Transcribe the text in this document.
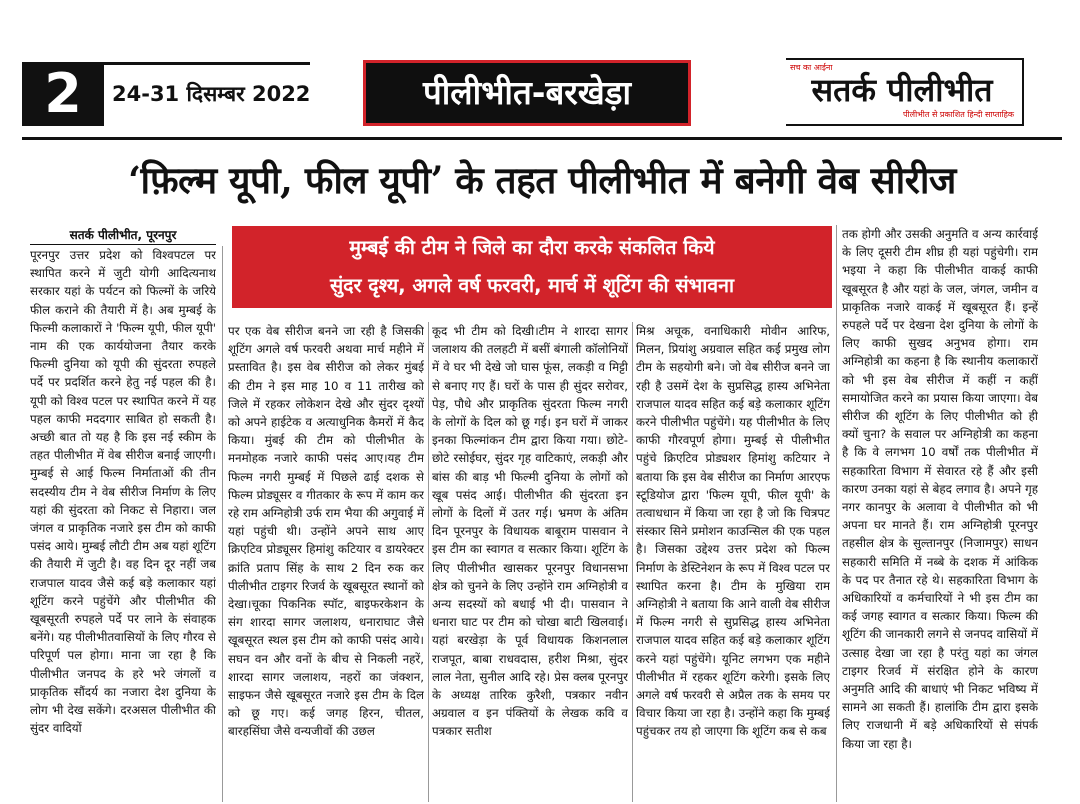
2	24-31 दिसम्बर 2022	पीलीभीत-बरखेड़ा
सच का आईना
सतर्क पीलीभीत
पीलीभीत से प्रकाशित हिन्दी साप्ताहिक
‘फ़िल्म यूपी, फील यूपी’ के तहत पीलीभीत में बनेगी वेब सीरीज
सतर्क पीलीभीत, पूरनपुर
मुम्बई की टीम ने जिले का दौरा करके संकलित किये
सुंदर दृश्य, अगले वर्ष फरवरी, मार्च में शूटिंग की संभावना

पूरनपुर उत्तर प्रदेश को विश्वपटल पर स्थापित करने में जुटी योगी आदित्यनाथ सरकार यहां के पर्यटन को फिल्मों के जरिये फील कराने की तैयारी में है। अब मुम्बई के फिल्मी कलाकारों ने 'फिल्म यूपी, फील यूपी' नाम की एक कार्ययोजना तैयार करके फिल्मी दुनिया को यूपी की सुंदरता रुपहले पर्दे पर प्रदर्शित करने हेतु नई पहल की है। यूपी को विश्व पटल पर स्थापित करने में यह पहल काफी मददगार साबित हो सकती है। अच्छी बात तो यह है कि इस नई स्कीम के तहत पीलीभीत में वेब सीरीज बनाई जाएगी। मुम्बई से आई फिल्म निर्माताओं की तीन सदस्यीय टीम ने वेब सीरीज निर्माण के लिए यहां की सुंदरता को निकट से निहारा। जल जंगल व प्राकृतिक नजारे इस टीम को काफी पसंद आये। मुम्बई लौटी टीम अब यहां शूटिंग की तैयारी में जुटी है। वह दिन दूर नहीं जब राजपाल यादव जैसे कई बड़े कलाकार यहां शूटिंग करने पहुंचेंगे और पीलीभीत की खूबसूरती रुपहले पर्दे पर लाने के संवाहक बनेंगे। यह पीलीभीतवासियों के लिए गौरव से परिपूर्ण पल होगा। माना जा रहा है कि पीलीभीत जनपद के हरे भरे जंगलों व प्राकृतिक सौंदर्य का नजारा देश दुनिया के लोग भी देख सकेंगे। दरअसल पीलीभीत की सुंदर वादियों

पर एक वेब सीरीज बनने जा रही है जिसकी शूटिंग अगले वर्ष फरवरी अथवा मार्च महीने में प्रस्तावित है। इस वेब सीरीज को लेकर मुंबई की टीम ने इस माह 10 व 11 तारीख को जिले में रहकर लोकेशन देखे और सुंदर दृश्यों को अपने हाईटेक व अत्याधुनिक कैमरों में कैद किया। मुंबई की टीम को पीलीभीत के मनमोहक नजारे काफी पसंद आए।यह टीम फिल्म नगरी मुम्बई में पिछले ढाई दशक से फिल्म प्रोड्यूसर व गीतकार के रूप में काम कर रहे राम अग्निहोत्री उर्फ राम भैया की अगुवाई में यहां पहुंची थी। उन्होंने अपने साथ आए क्रिएटिव प्रोड्यूसर हिमांशु कटियार व डायरेक्टर क्रांति प्रताप सिंह के साथ 2 दिन रुक कर पीलीभीत टाइगर रिजर्व के खूबसूरत स्थानों को देखा।चूका पिकनिक स्पॉट, बाइफरकेशन के संग शारदा सागर जलाशय, धनाराघाट जैसे खूबसूरत स्थल इस टीम को काफी पसंद आये। सघन वन और वनों के बीच से निकली नहरें, शारदा सागर जलाशय, नहरों का जंक्शन, साइफन जैसे खूबसूरत नजारे इस टीम के दिल को छू गए। कई जगह हिरन, चीतल, बारहसिंघा जैसे वन्यजीवों की उछल

कूद भी टीम को दिखी।टीम ने शारदा सागर जलाशय की तलहटी में बसीं बंगाली कॉलोनियों में वे घर भी देखे जो घास फूंस, लकड़ी व मिट्टी से बनाए गए हैं। घरों के पास ही सुंदर सरोवर, पेड़, पौधे और प्राकृतिक सुंदरता फिल्म नगरी के लोगों के दिल को छू गई। इन घरों में जाकर इनका फिल्मांकन टीम द्वारा किया गया। छोटे-छोटे रसोईघर, सुंदर गृह वाटिकाएं, लकड़ी और बांस की बाड़ भी फिल्मी दुनिया के लोगों को खूब पसंद आई। पीलीभीत की सुंदरता इन लोगों के दिलों में उतर गई। भ्रमण के अंतिम दिन पूरनपुर के विधायक बाबूराम पासवान ने इस टीम का स्वागत व सत्कार किया। शूटिंग के लिए पीलीभीत खासकर पूरनपुर विधानसभा क्षेत्र को चुनने के लिए उन्होंने राम अग्निहोत्री व अन्य सदस्यों को बधाई भी दी। पासवान ने धनारा घाट पर टीम को चोखा बाटी खिलवाई। यहां बरखेड़ा के पूर्व विधायक किशनलाल राजपूत, बाबा राधवदास, हरीश मिश्रा, सुंदर लाल नेता, सुनील आदि रहे। प्रेस क्लब पूरनपुर के अध्यक्ष तारिक कुरैशी, पत्रकार नवीन अग्रवाल व इन पंक्तियों के लेखक कवि व पत्रकार सतीश

मिश्र अचूक, वनाधिकारी मोवीन आरिफ, मिलन, प्रियांशु अग्रवाल सहित कई प्रमुख लोग टीम के सहयोगी बने। जो वेब सीरीज बनने जा रही है उसमें देश के सुप्रसिद्ध हास्य अभिनेता राजपाल यादव सहित कई बड़े कलाकार शूटिंग करने पीलीभीत पहुंचेंगे। यह पीलीभीत के लिए काफी गौरवपूर्ण होगा। मुम्बई से पीलीभीत पहुंचे क्रिएटिव प्रोड्यशर हिमांशु कटियार ने बताया कि इस वेब सीरीज का निर्माण आरएफ स्टूडियोज द्वारा 'फिल्म यूपी, फील यूपी' के तत्वाधधान में किया जा रहा है जो कि चित्रपट संस्कार सिने प्रमोशन काउन्सिल की एक पहल है। जिसका उद्देश्य उत्तर प्रदेश को फिल्म निर्माण के डेस्टिनेशन के रूप में विश्व पटल पर स्थापित करना है। टीम के मुखिया राम अग्निहोत्री ने बताया कि आने वाली वेब सीरीज में फिल्म नगरी से सुप्रसिद्ध हास्य अभिनेता राजपाल यादव सहित कई बड़े कलाकार शूटिंग करने यहां पहुंचेंगे। यूनिट लगभग एक महीने पीलीभीत में रहकर शूटिंग करेगी। इसके लिए अगले वर्ष फरवरी से अप्रैल तक के समय पर विचार किया जा रहा है। उन्होंने कहा कि मुम्बई पहुंचकर तय हो जाएगा कि शूटिंग कब से कब

तक होगी और उसकी अनुमति व अन्य कार्रवाई के लिए दूसरी टीम शीघ्र ही यहां पहुंचेगी। राम भइया ने कहा कि पीलीभीत वाकई काफी खूबसूरत है और यहां के जल, जंगल, जमीन व प्राकृतिक नजारे वाकई में खूबसूरत हैं। इन्हें रुपहले पर्दे पर देखना देश दुनिया के लोगों के लिए काफी सुखद अनुभव होगा। राम अग्निहोत्री का कहना है कि स्थानीय कलाकारों को भी इस वेब सीरीज में कहीं न कहीं समायोजित करने का प्रयास किया जाएगा। वेब सीरीज की शूटिंग के लिए पीलीभीत को ही क्यों चुना? के सवाल पर अग्निहोत्री का कहना है कि वे लगभग 10 वर्षों तक पीलीभीत में सहकारिता विभाग में सेवारत रहे हैं और इसी कारण उनका यहां से बेहद लगाव है। अपने गृह नगर कानपुर के अलावा वे पीलीभीत को भी अपना घर मानते हैं। राम अग्निहोत्री पूरनपुर तहसील क्षेत्र के सुल्तानपुर (निजामपुर) साधन सहकारी समिति में नब्बे के दशक में आंकिक के पद पर तैनात रहे थे। सहकारिता विभाग के अधिकारियों व कर्मचारियों ने भी इस टीम का कई जगह स्वागत व सत्कार किया। फिल्म की शूटिंग की जानकारी लगने से जनपद वासियों में उत्साह देखा जा रहा है परंतु यहां का जंगल टाइगर रिजर्व में संरक्षित होने के कारण अनुमति आदि की बाधाएं भी निकट भविष्य में सामने आ सकती हैं। हालांकि टीम द्वारा इसके लिए राजधानी में बड़े अधिकारियों से संपर्क किया जा रहा है।
